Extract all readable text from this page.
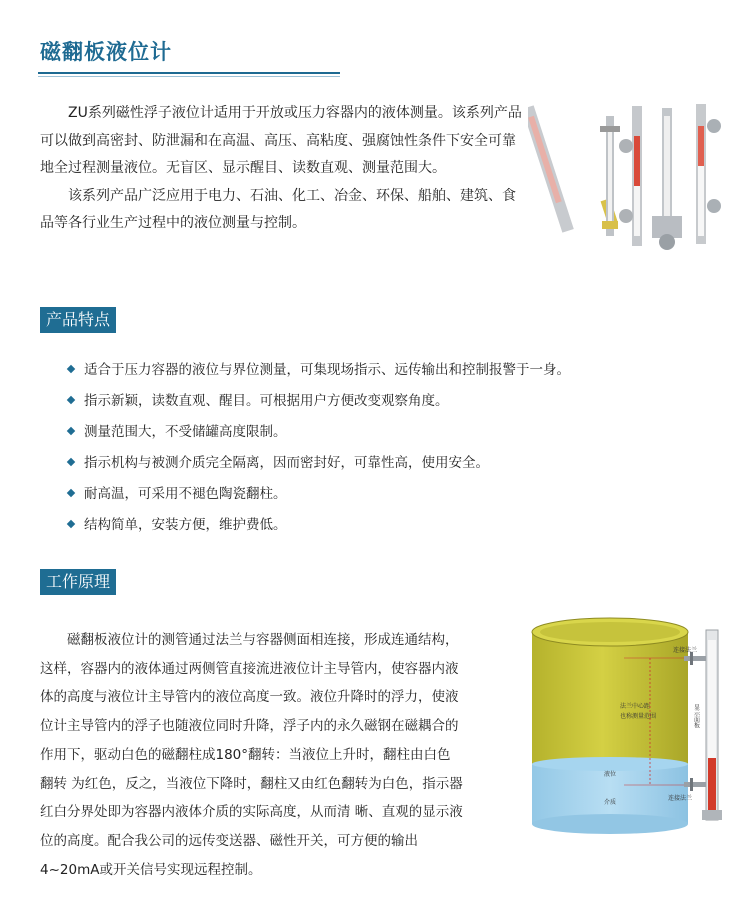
磁翻板液位计

ZU系列磁性浮子液位计适用于开放或压力容器内的液体测量。该系列产品可以做到高密封、防泄漏和在高温、高压、高粘度、强腐蚀性条件下安全可靠地全过程测量液位。无盲区、显示醒目、读数直观、测量范围大。

该系列产品广泛应用于电力、石油、化工、冶金、环保、船舶、建筑、食品等各行业生产过程中的液位测量与控制。

产品特点
适合于压力容器的液位与界位测量，可集现场指示、远传输出和控制报警于一身。
指示新颖，读数直观、醒目。可根据用户方便改变观察角度。
测量范围大，不受储罐高度限制。
指示机构与被测介质完全隔离，因而密封好，可靠性高，使用安全。
耐高温，可采用不褪色陶瓷翻柱。
结构简单，安装方便，维护费低。
工作原理

磁翻板液位计的测管通过法兰与容器侧面相连接，形成连通结构，这样，容器内的液体通过两侧管直接流进液位计主导管内，使容器内液体的高度与液位计主导管内的液位高度一致。液位升降时的浮力，使液位计主导管内的浮子也随液位同时升降，浮子内的永久磁钢在磁耦合的作用下，驱动白色的磁翻柱成180°翻转：当液位上升时，翻柱由白色翻转 为红色，反之，当液位下降时，翻柱又由红色翻转为白色，指示器红白分界处即为容器内液体介质的实际高度，从而清 晰、直观的显示液位的高度。配合我公司的远传变送器、磁性开关，可方便的输出4~20mA或开关信号实现远程控制。

连接法兰
法兰中心距
也称测量范围	显示面板
液位
介质
连接法兰
